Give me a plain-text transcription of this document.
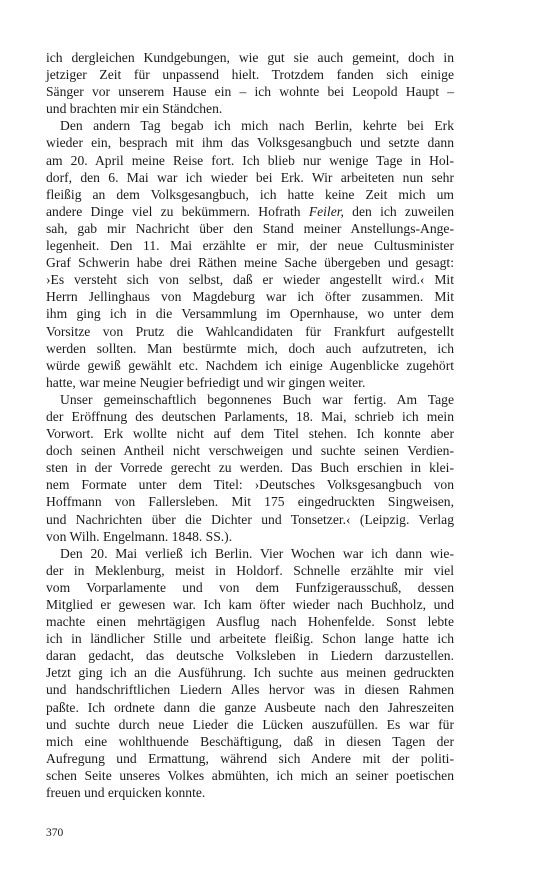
ich dergleichen Kundgebungen, wie gut sie auch gemeint, doch in
jetziger Zeit für unpassend hielt. Trotzdem fanden sich einige
Sänger vor unserem Hause ein – ich wohnte bei Leopold Haupt –
und brachten mir ein Ständchen.

Den andern Tag begab ich mich nach Berlin, kehrte bei Erk
wieder ein, besprach mit ihm das Volksgesangbuch und setzte dann
am 20. April meine Reise fort. Ich blieb nur wenige Tage in Hol-
dorf, den 6. Mai war ich wieder bei Erk. Wir arbeiteten nun sehr
fleißig an dem Volksgesangbuch, ich hatte keine Zeit mich um
andere Dinge viel zu bekümmern. Hofrath Feiler, den ich zuweilen
sah, gab mir Nachricht über den Stand meiner Anstellungs-Ange-
legenheit. Den 11. Mai erzählte er mir, der neue Cultusminister
Graf Schwerin habe drei Räthen meine Sache übergeben und gesagt:
›Es versteht sich von selbst, daß er wieder angestellt wird.‹ Mit
Herrn Jellinghaus von Magdeburg war ich öfter zusammen. Mit
ihm ging ich in die Versammlung im Opernhause, wo unter dem
Vorsitze von Prutz die Wahlcandidaten für Frankfurt aufgestellt
werden sollten. Man bestürmte mich, doch auch aufzutreten, ich
würde gewiß gewählt etc. Nachdem ich einige Augenblicke zugehört
hatte, war meine Neugier befriedigt und wir gingen weiter.

Unser gemeinschaftlich begonnenes Buch war fertig. Am Tage
der Eröffnung des deutschen Parlaments, 18. Mai, schrieb ich mein
Vorwort. Erk wollte nicht auf dem Titel stehen. Ich konnte aber
doch seinen Antheil nicht verschweigen und suchte seinen Verdien-
sten in der Vorrede gerecht zu werden. Das Buch erschien in klei-
nem Formate unter dem Titel: ›Deutsches Volksgesangbuch von
Hoffmann von Fallersleben. Mit 175 eingedruckten Singweisen,
und Nachrichten über die Dichter und Tonsetzer.‹ (Leipzig. Verlag
von Wilh. Engelmann. 1848. SS.).

Den 20. Mai verließ ich Berlin. Vier Wochen war ich dann wie-
der in Meklenburg, meist in Holdorf. Schnelle erzählte mir viel
vom Vorparlamente und von dem Funfzigerausschuß, dessen
Mitglied er gewesen war. Ich kam öfter wieder nach Buchholz, und
machte einen mehrtägigen Ausflug nach Hohenfelde. Sonst lebte
ich in ländlicher Stille und arbeitete fleißig. Schon lange hatte ich
daran gedacht, das deutsche Volksleben in Liedern darzustellen.
Jetzt ging ich an die Ausführung. Ich suchte aus meinen gedruckten
und handschriftlichen Liedern Alles hervor was in diesen Rahmen
paßte. Ich ordnete dann die ganze Ausbeute nach den Jahreszeiten
und suchte durch neue Lieder die Lücken auszufüllen. Es war für
mich eine wohlthuende Beschäftigung, daß in diesen Tagen der
Aufregung und Ermattung, während sich Andere mit der politi-
schen Seite unseres Volkes abmühten, ich mich an seiner poetischen
freuen und erquicken konnte.

370
